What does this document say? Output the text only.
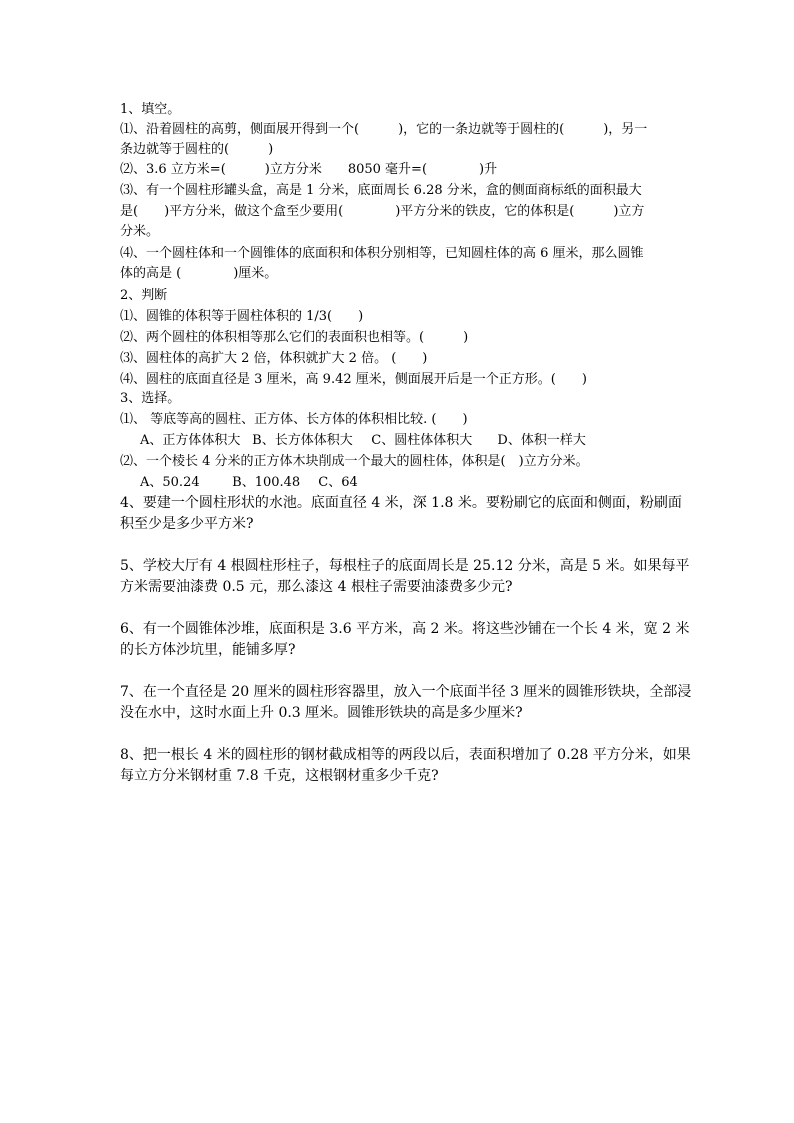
1、填空。
⑴、沿着圆柱的高剪，侧面展开得到一个(　　　)，它的一条边就等于圆柱的(　　　)，另一
条边就等于圆柱的(　　　)
⑵、3.6 立方米=(　　　)立方分米　　8050 毫升=(　　　　)升
⑶、有一个圆柱形罐头盒，高是 1 分米，底面周长 6.28 分米，盒的侧面商标纸的面积最大
是(　　)平方分米，做这个盒至少要用(　　　　)平方分米的铁皮，它的体积是(　　　)立方
分米。
⑷、一个圆柱体和一个圆锥体的底面积和体积分别相等，已知圆柱体的高 6 厘米，那么圆锥
体的高是 (　　　　)厘米。
2、判断
⑴、圆锥的体积等于圆柱体积的 1/3(　　)
⑵、两个圆柱的体积相等那么它们的表面积也相等。(　　　)
⑶、圆柱体的高扩大 2 倍，体积就扩大 2 倍。 (　　)
⑷、圆柱的底面直径是 3 厘米，高 9.42 厘米，侧面展开后是一个正方形。(　　)
3、选择。
⑴、 等底等高的圆柱、正方体、长方体的体积相比较. (　　)
A、正方体体积大 B、长方体体积大 C、圆柱体体积大 D、体积一样大
⑵、一个棱长 4 分米的正方体木块削成一个最大的圆柱体，体积是(　)立方分米。
A、50.24	B、100.48 C、64
4、要建一个圆柱形状的水池。底面直径 4 米，深 1.8 米。要粉刷它的底面和侧面，粉刷面
积至少是多少平方米?
5、学校大厅有 4 根圆柱形柱子，每根柱子的底面周长是 25.12 分米，高是 5 米。如果每平
方米需要油漆费 0.5 元，那么漆这 4 根柱子需要油漆费多少元?
6、有一个圆锥体沙堆，底面积是 3.6 平方米，高 2 米。将这些沙铺在一个长 4 米，宽 2 米
的长方体沙坑里，能铺多厚?
7、在一个直径是 20 厘米的圆柱形容器里，放入一个底面半径 3 厘米的圆锥形铁块，全部浸
没在水中，这时水面上升 0.3 厘米。圆锥形铁块的高是多少厘米?
8、把一根长 4 米的圆柱形的钢材截成相等的两段以后，表面积增加了 0.28 平方分米，如果
每立方分米钢材重 7.8 千克，这根钢材重多少千克?
